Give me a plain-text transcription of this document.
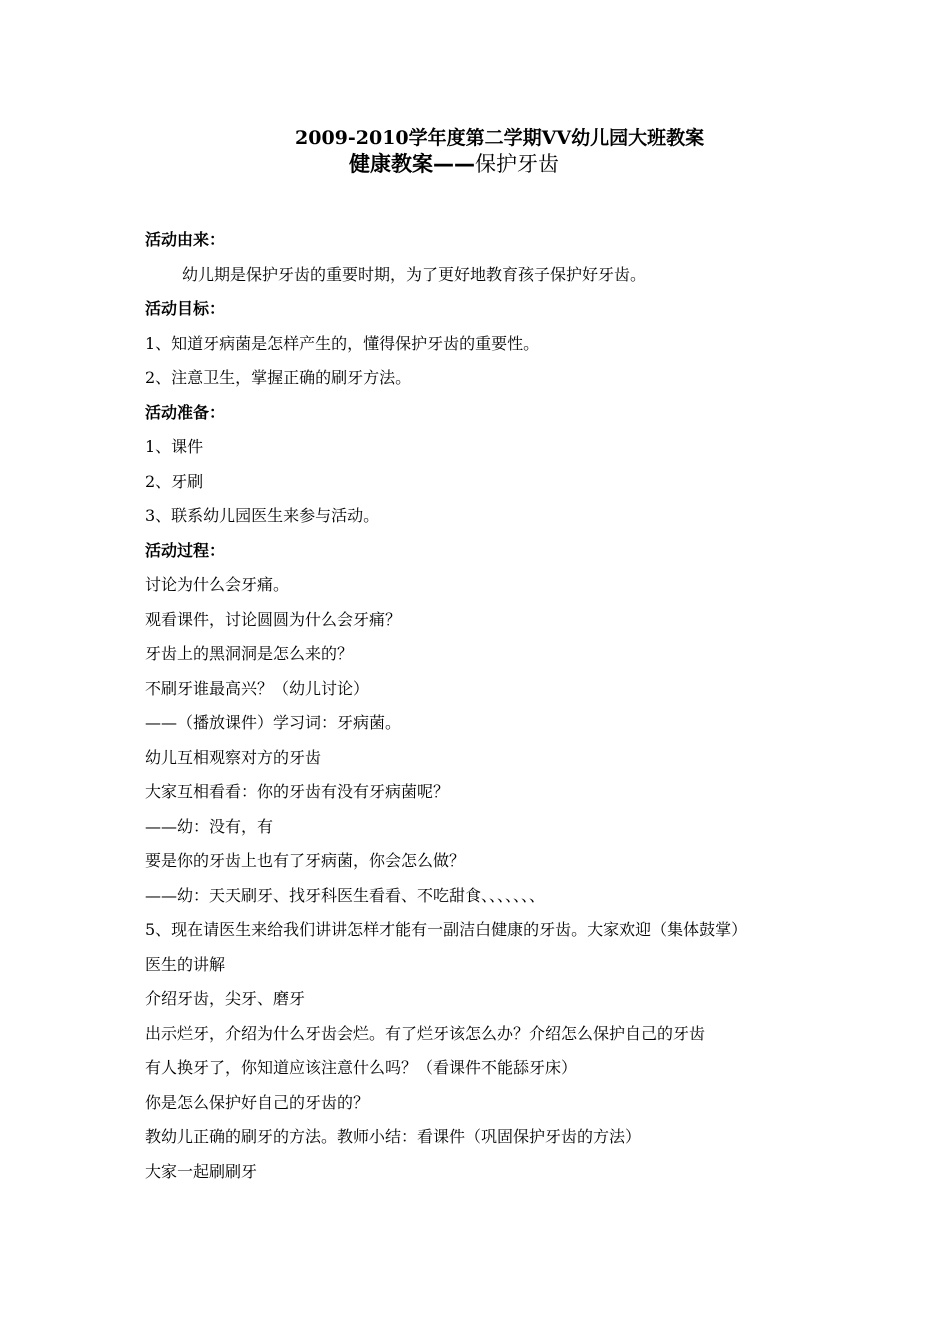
2009-2010学年度第二学期VV幼儿园大班教案
健康教案——保护牙齿

活动由来：

幼儿期是保护牙齿的重要时期，为了更好地教育孩子保护好牙齿。

活动目标：

1、知道牙病菌是怎样产生的，懂得保护牙齿的重要性。

2、注意卫生，掌握正确的刷牙方法。

活动准备：

1、课件

2、牙刷

3、联系幼儿园医生来参与活动。

活动过程：

讨论为什么会牙痛。

观看课件，讨论圆圆为什么会牙痛？

牙齿上的黑洞洞是怎么来的？

不刷牙谁最高兴？（幼儿讨论）

——（播放课件）学习词：牙病菌。

幼儿互相观察对方的牙齿

大家互相看看：你的牙齿有没有牙病菌呢？

——幼：没有，有

要是你的牙齿上也有了牙病菌，你会怎么做？

——幼：天天刷牙、找牙科医生看看、不吃甜食、、、、、、、

5、现在请医生来给我们讲讲怎样才能有一副洁白健康的牙齿。大家欢迎（集体鼓掌）

医生的讲解

介绍牙齿，尖牙、磨牙

出示烂牙，介绍为什么牙齿会烂。有了烂牙该怎么办？介绍怎么保护自己的牙齿

有人换牙了，你知道应该注意什么吗？（看课件不能舔牙床）

你是怎么保护好自己的牙齿的？

教幼儿正确的刷牙的方法。教师小结：看课件（巩固保护牙齿的方法）

大家一起刷刷牙
